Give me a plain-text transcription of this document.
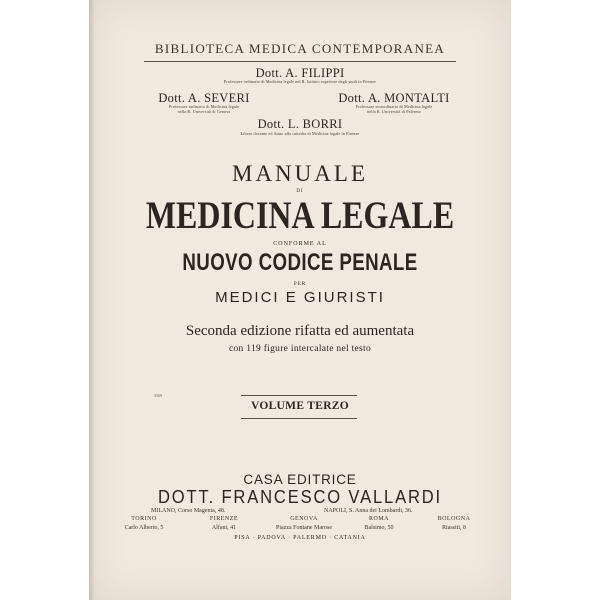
BIBLIOTECA MEDICA CONTEMPORANEA
Dott. A. FILIPPI
Professore ordinario di Medicina legale nel R. Istituto superiore degli studi in Firenze
Dott. A. SEVERI
Professore ordinario di Medicina legale
nella R. Università di Genova
Dott. A. MONTALTI
Professore straordinario di Medicina legale
nella R. Università di Palermo
Dott. L. BORRI
Libero docente ed Aiuto alla cattedra di Medicina legale in Firenze
MANUALE
DI
MEDICINA LEGALE
CONFORME AL
NUOVO CODICE PENALE
PER
MEDICI E GIURISTI
Seconda edizione rifatta ed aumentata
con 119 figure intercalate nel testo
3369
VOLUME TERZO
CASA EDITRICE
DOTT. FRANCESCO VALLARDI
MILANO, Corso Magenta, 48.	NAPOLI, S. Anna dei Lombardi, 36.
TORINO	FIRENZE	GENOVA	ROMA	BOLOGNA
Carlo Alberto, 5	Alfani, 41	Piazza Fontane Marose	Balsimo, 50	Riassiti, 8
PISA · PADOVA · PALERMO · CATANIA
